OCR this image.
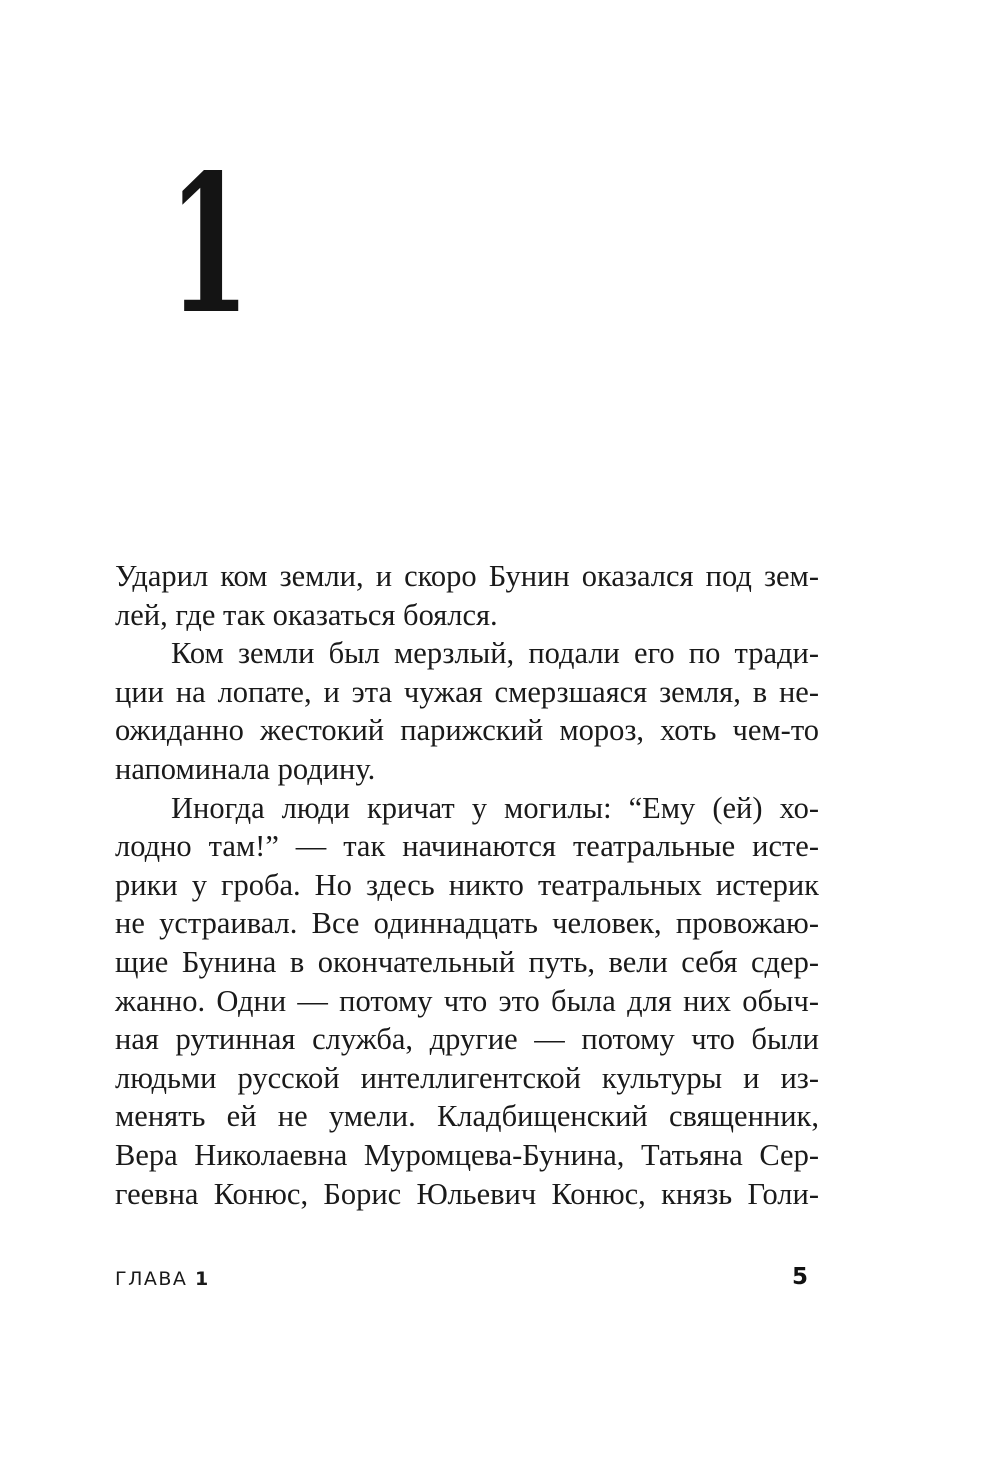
1
Ударил ком земли, и скоро Бунин оказался под зем-
лей, где так оказаться боялся.
Ком земли был мерзлый, подали его по тради-
ции на лопате, и эта чужая смерзшаяся земля, в не-
ожиданно жестокий парижский мороз, хоть чем-то
напоминала родину.
Иногда люди кричат у могилы: “Ему (ей) хо-
лодно там!” — так начинаются театральные исте-
рики у гроба. Но здесь никто театральных истерик
не устраивал. Все одиннадцать человек, провожаю-
щие Бунина в окончательный путь, вели себя сдер-
жанно. Одни — потому что это была для них обыч-
ная рутинная служба, другие — потому что были
людьми русской интеллигентской культуры и из-
менять ей не умели. Кладбищенский священник,
Вера Николаевна Муромцева-Бунина, Татьяна Сер-
геевна Конюс, Борис Юльевич Конюс, князь Голи-
ГЛАВА 1	5
